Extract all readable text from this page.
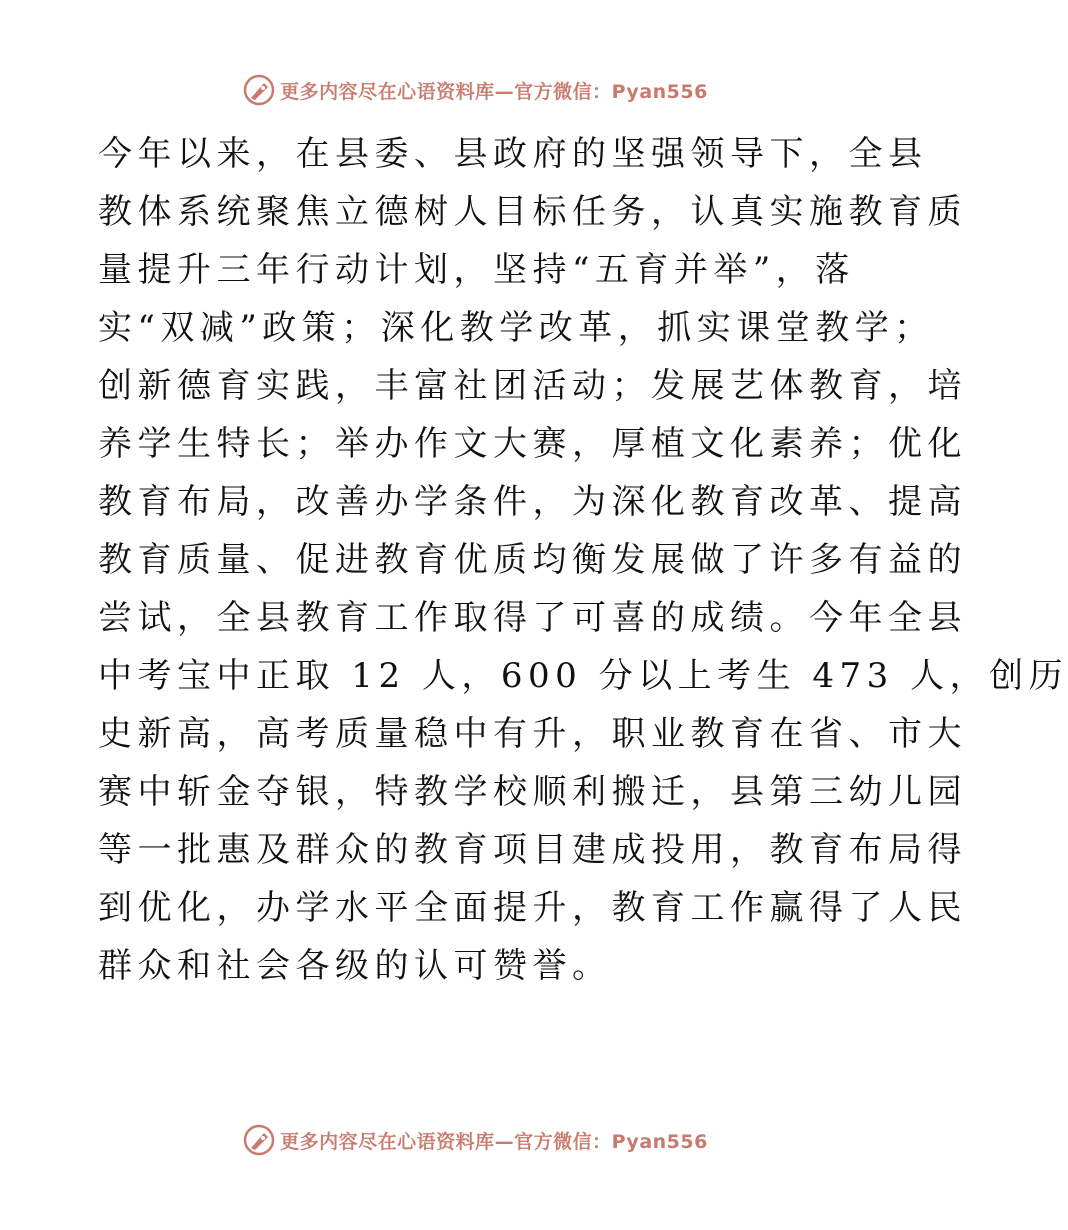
更多内容尽在心语资料库—官方微信：Pyan556
今年以来，在县委、县政府的坚强领导下，全县
教体系统聚焦立德树人目标任务，认真实施教育质
量提升三年行动计划，坚持“五育并举”，落
实“双减”政策；深化教学改革，抓实课堂教学；
创新德育实践，丰富社团活动；发展艺体教育，培
养学生特长；举办作文大赛，厚植文化素养；优化
教育布局，改善办学条件，为深化教育改革、提高
教育质量、促进教育优质均衡发展做了许多有益的
尝试，全县教育工作取得了可喜的成绩。今年全县
中考宝中正取 12 人，600 分以上考生 473 人，创历
史新高，高考质量稳中有升，职业教育在省、市大
赛中斩金夺银，特教学校顺利搬迁，县第三幼儿园
等一批惠及群众的教育项目建成投用，教育布局得
到优化，办学水平全面提升，教育工作赢得了人民
群众和社会各级的认可赞誉。
更多内容尽在心语资料库—官方微信：Pyan556
